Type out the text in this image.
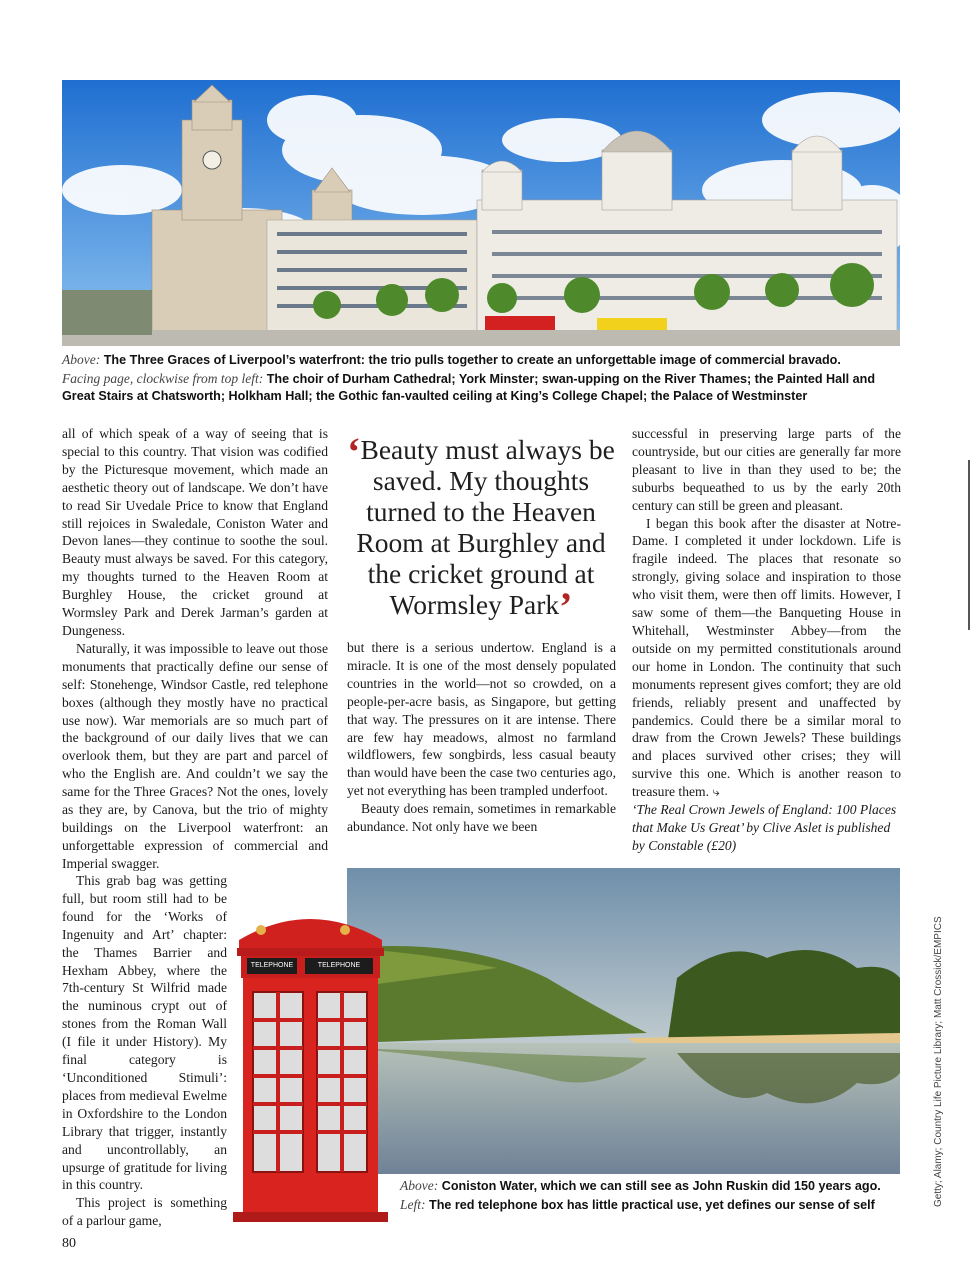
Above: The Three Graces of Liverpool’s waterfront: the trio pulls together to create an unforgettable image of commercial bravado.
Facing page, clockwise from top left: The choir of Durham Cathedral; York Minster; swan-upping on the River Thames; the Painted Hall and Great Stairs at Chatsworth; Holkham Hall; the Gothic fan-vaulted ceiling at King’s College Chapel; the Palace of Westminster

all of which speak of a way of seeing that is special to this country. That vision was codified by the Picturesque movement, which made an aesthetic theory out of landscape. We don’t have to read Sir Uvedale Price to know that England still rejoices in Swaledale, Coniston Water and Devon lanes—they continue to soothe the soul. Beauty must always be saved. For this category, my thoughts turned to the Heaven Room at Burghley House, the cricket ground at Wormsley Park and Derek Jarman’s garden at Dungeness.

Naturally, it was impossible to leave out those monuments that practically define our sense of self: Stonehenge, Windsor Castle, red telephone boxes (although they mostly have no practical use now). War memorials are so much part of the background of our daily lives that we can overlook them, but they are part and parcel of who the English are. And couldn’t we say the same for the Three Graces? Not the ones, lovely as they are, by Canova, but the trio of mighty buildings on the Liverpool waterfront: an unforgettable expression of commercial and Imperial swagger.

This grab bag was getting full, but room still had to be found for the ‘Works of Ingenuity and Art’ chapter: the Thames Barrier and Hexham Abbey, where the 7th-century St Wilfrid made the numinous crypt out of stones from the Roman Wall (I file it under History). My final category is ‘Unconditioned Stimuli’: places from medieval Ewelme in Oxfordshire to the London Library that trigger, instantly and uncontrollably, an upsurge of gratitude for living in this country.

This project is something of a parlour game,

‘Beauty must always be saved. My thoughts turned to the Heaven Room at Burghley and the cricket ground at Wormsley Park’

but there is a serious undertow. England is a miracle. It is one of the most densely populated countries in the world—not so crowded, on a people-per-acre basis, as Singapore, but getting that way. The pressures on it are intense. There are few hay meadows, almost no farmland wildflowers, few songbirds, less casual beauty than would have been the case two centuries ago, yet not everything has been trampled underfoot.

Beauty does remain, sometimes in remarkable abundance. Not only have we been

successful in preserving large parts of the countryside, but our cities are generally far more pleasant to live in than they used to be; the suburbs bequeathed to us by the early 20th century can still be green and pleasant.

I began this book after the disaster at Notre-Dame. I completed it under lockdown. Life is fragile indeed. The places that resonate so strongly, giving solace and inspiration to those who visit them, were then off limits. However, I saw some of them—the Banqueting House in Whitehall, Westminster Abbey—from the outside on my permitted constitutionals around our home in London. The continuity that such monuments represent gives comfort; they are old friends, reliably present and unaffected by pandemics. Could there be a similar moral to draw from the Crown Jewels? These buildings and places survived other crises; they will survive this one. Which is another reason to treasure them. ⤷

‘The Real Crown Jewels of England: 100 Places that Make Us Great’ by Clive Aslet is published by Constable (£20)
TELEPHONE	TELEPHONE
Above: Coniston Water, which we can still see as John Ruskin did 150 years ago.
Left: The red telephone box has little practical use, yet defines our sense of self	Getty; Alamy; Country Life Picture Library; Matt Crossick/EMPICS
80
